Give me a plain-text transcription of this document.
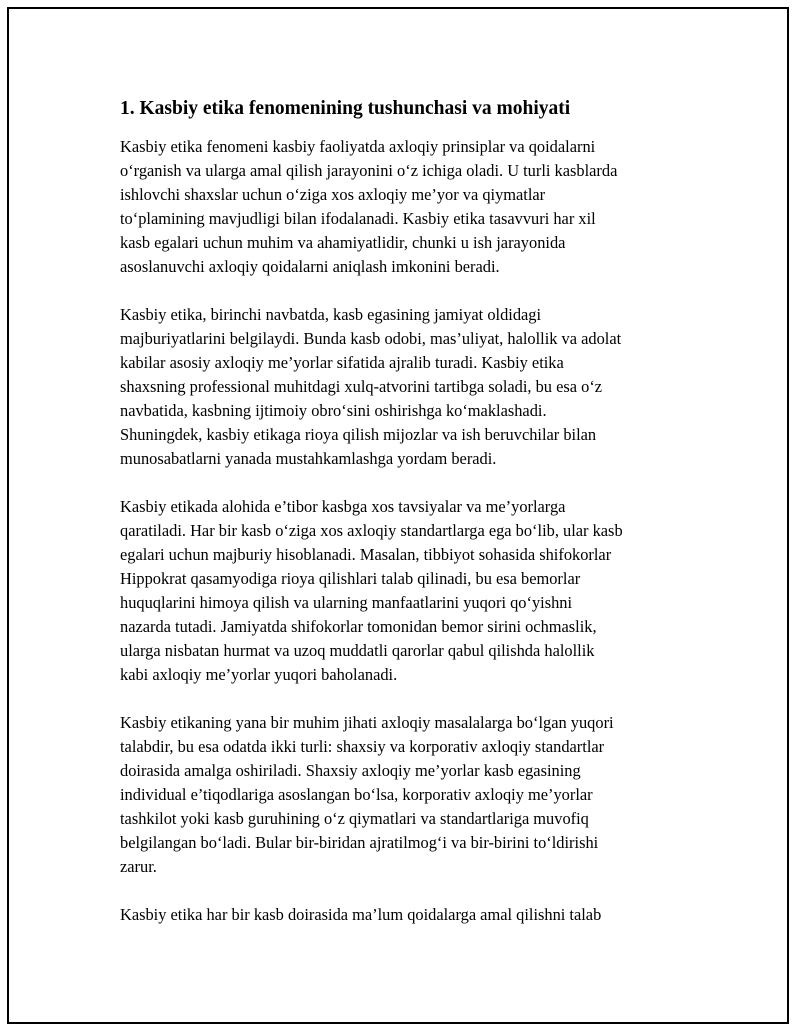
1. Kasbiy etika fenomenining tushunchasi va mohiyati
Kasbiy etika fenomeni kasbiy faoliyatda axloqiy prinsiplar va qoidalarni
o‘rganish va ularga amal qilish jarayonini o‘z ichiga oladi. U turli kasblarda
ishlovchi shaxslar uchun o‘ziga xos axloqiy me’yor va qiymatlar
to‘plamining mavjudligi bilan ifodalanadi. Kasbiy etika tasavvuri har xil
kasb egalari uchun muhim va ahamiyatlidir, chunki u ish jarayonida
asoslanuvchi axloqiy qoidalarni aniqlash imkonini beradi.
Kasbiy etika, birinchi navbatda, kasb egasining jamiyat oldidagi
majburiyatlarini belgilaydi. Bunda kasb odobi, mas’uliyat, halollik va adolat
kabilar asosiy axloqiy me’yorlar sifatida ajralib turadi. Kasbiy etika
shaxsning professional muhitdagi xulq-atvorini tartibga soladi, bu esa o‘z
navbatida, kasbning ijtimoiy obro‘sini oshirishga ko‘maklashadi.
Shuningdek, kasbiy etikaga rioya qilish mijozlar va ish beruvchilar bilan
munosabatlarni yanada mustahkamlashga yordam beradi.
Kasbiy etikada alohida e’tibor kasbga xos tavsiyalar va me’yorlarga
qaratiladi. Har bir kasb o‘ziga xos axloqiy standartlarga ega bo‘lib, ular kasb
egalari uchun majburiy hisoblanadi. Masalan, tibbiyot sohasida shifokorlar
Hippokrat qasamyodiga rioya qilishlari talab qilinadi, bu esa bemorlar
huquqlarini himoya qilish va ularning manfaatlarini yuqori qo‘yishni
nazarda tutadi. Jamiyatda shifokorlar tomonidan bemor sirini ochmaslik,
ularga nisbatan hurmat va uzoq muddatli qarorlar qabul qilishda halollik
kabi axloqiy me’yorlar yuqori baholanadi.
Kasbiy etikaning yana bir muhim jihati axloqiy masalalarga bo‘lgan yuqori
talabdir, bu esa odatda ikki turli: shaxsiy va korporativ axloqiy standartlar
doirasida amalga oshiriladi. Shaxsiy axloqiy me’yorlar kasb egasining
individual e’tiqodlariga asoslangan bo‘lsa, korporativ axloqiy me’yorlar
tashkilot yoki kasb guruhining o‘z qiymatlari va standartlariga muvofiq
belgilangan bo‘ladi. Bular bir-biridan ajratilmog‘i va bir-birini to‘ldirishi
zarur.
Kasbiy etika har bir kasb doirasida ma’lum qoidalarga amal qilishni talab
